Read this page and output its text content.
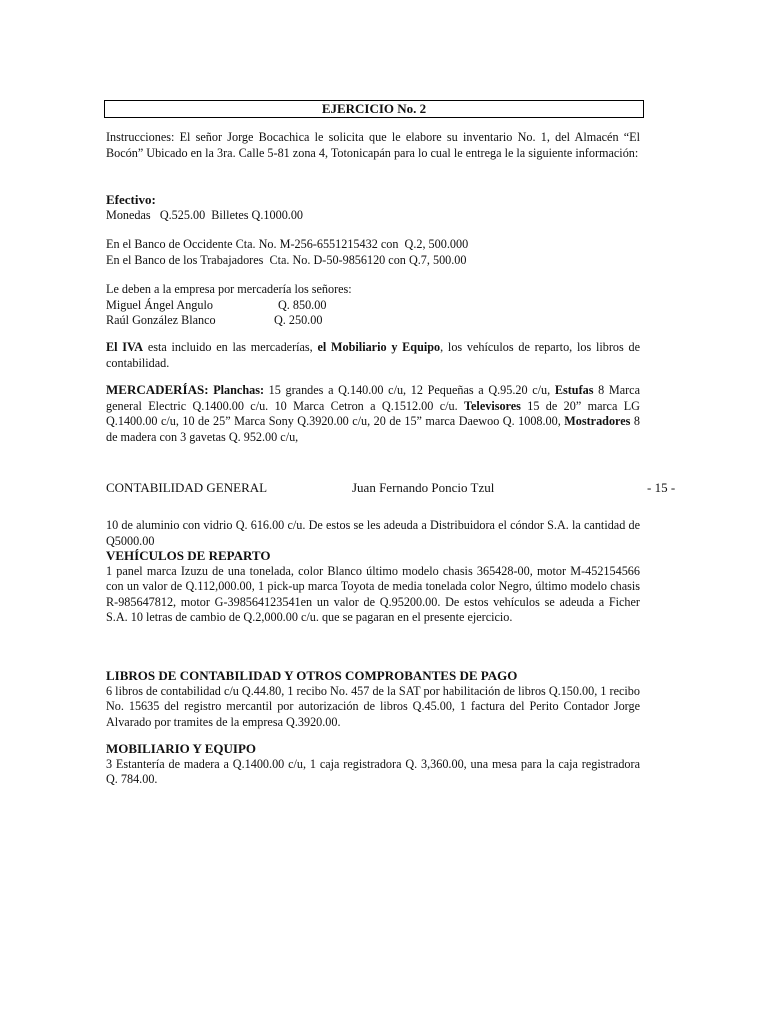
EJERCICIO No. 2
Instrucciones: El señor Jorge Bocachica le solicita que le elabore su inventario No. 1, del Almacén “El Bocón” Ubicado en la 3ra. Calle 5-81 zona 4, Totonicapán para lo cual le entrega le la siguiente información:
Efectivo:
Monedas   Q.525.00  Billetes Q.1000.00
En el Banco de Occidente Cta. No. M-256-6551215432 con  Q.2, 500.000
En el Banco de los Trabajadores  Cta. No. D-50-9856120 con Q.7, 500.00
Le deben a la empresa por mercadería los señores:
Miguel Ángel Angulo	Q. 850.00
Raúl González Blanco	Q. 250.00
El IVA esta incluido en las mercaderías, el Mobiliario y Equipo, los vehículos de reparto, los libros de contabilidad.
MERCADERÍAS: Planchas: 15 grandes a Q.140.00 c/u, 12 Pequeñas a Q.95.20 c/u, Estufas 8 Marca general Electric Q.1400.00 c/u. 10 Marca Cetron a Q.1512.00 c/u. Televisores 15 de 20” marca LG Q.1400.00 c/u, 10 de 25” Marca Sony Q.3920.00 c/u, 20 de 15” marca Daewoo Q. 1008.00, Mostradores 8 de madera con 3 gavetas Q. 952.00 c/u,
CONTABILIDAD GENERAL	Juan Fernando Poncio Tzul	- 15 -
10 de aluminio con vidrio Q. 616.00 c/u. De estos se les adeuda a Distribuidora el cóndor S.A. la cantidad de Q5000.00
VEHÍCULOS DE REPARTO
1 panel marca Izuzu de una tonelada, color Blanco último modelo chasis 365428-00, motor M-452154566 con un valor de Q.112,000.00, 1 pick-up marca Toyota de media tonelada color Negro, último modelo chasis R-985647812, motor G-398564123541en un valor de Q.95200.00. De estos vehículos se adeuda a Ficher S.A. 10 letras de cambio de Q.2,000.00 c/u. que se pagaran en el presente ejercicio.
LIBROS DE CONTABILIDAD Y OTROS COMPROBANTES DE PAGO
6 libros de contabilidad c/u Q.44.80, 1 recibo No. 457 de la SAT por habilitación de libros Q.150.00, 1 recibo No. 15635 del registro mercantil por autorización de libros Q.45.00, 1 factura del Perito Contador Jorge Alvarado por tramites de la empresa Q.3920.00.
MOBILIARIO Y EQUIPO
3 Estantería de madera a Q.1400.00 c/u, 1 caja registradora Q. 3,360.00, una mesa para la caja registradora Q. 784.00.
